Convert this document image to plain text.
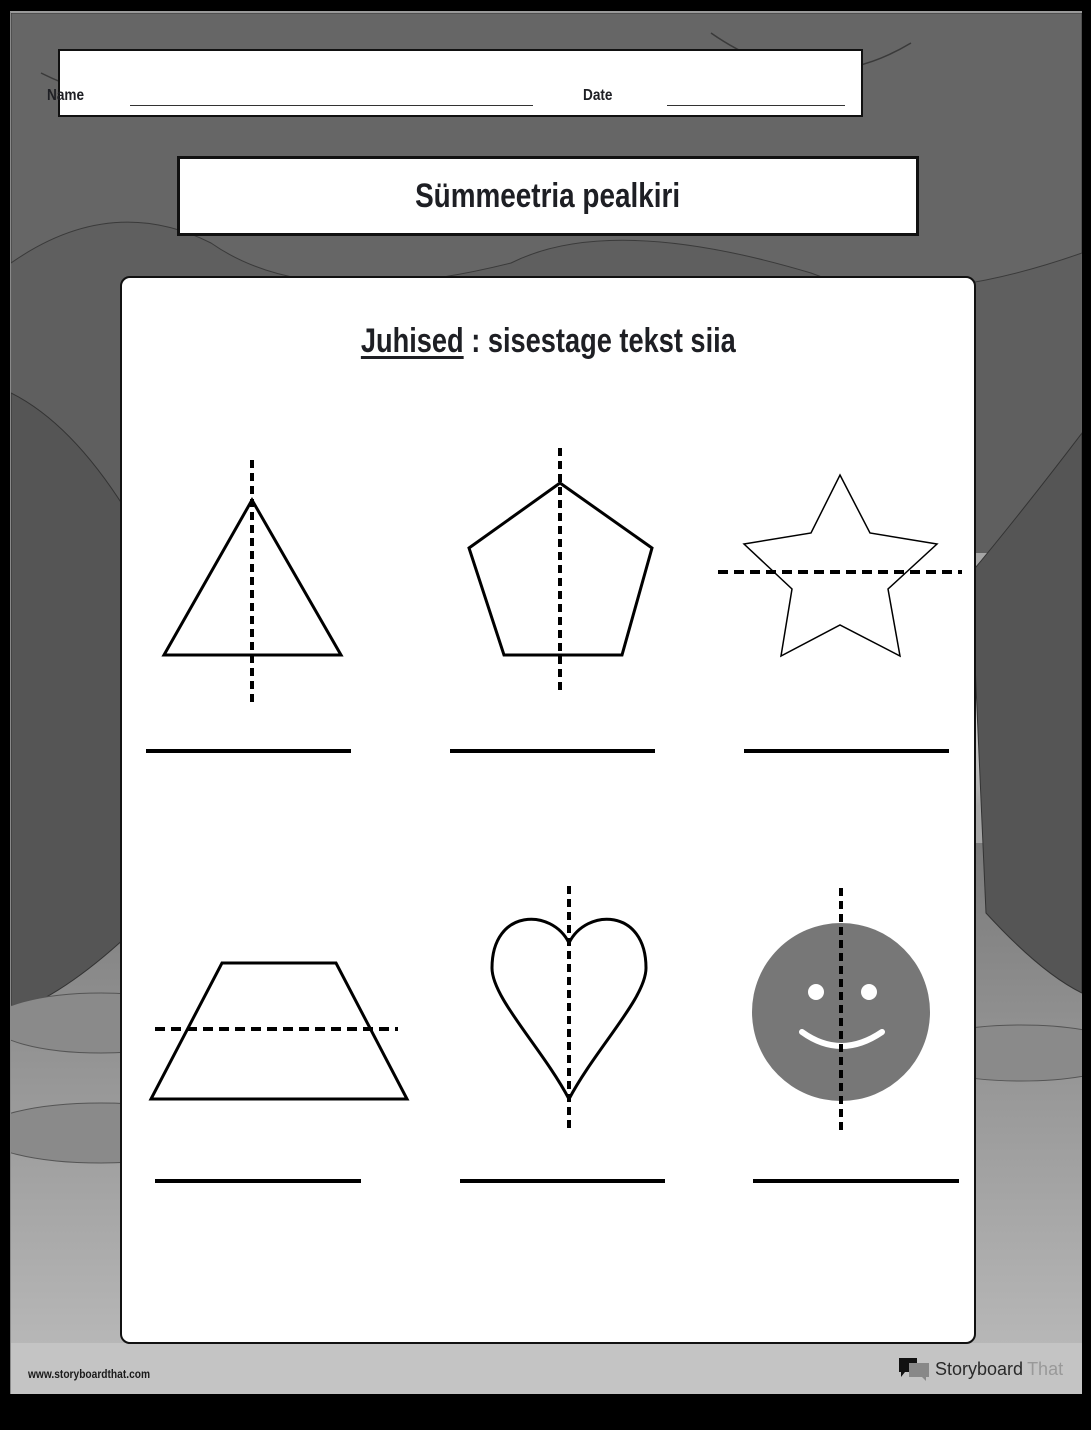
Name	Date
Sümmeetria pealkiri
Juhised : sisestage tekst siia
www.storyboardthat.com	Storyboard That
